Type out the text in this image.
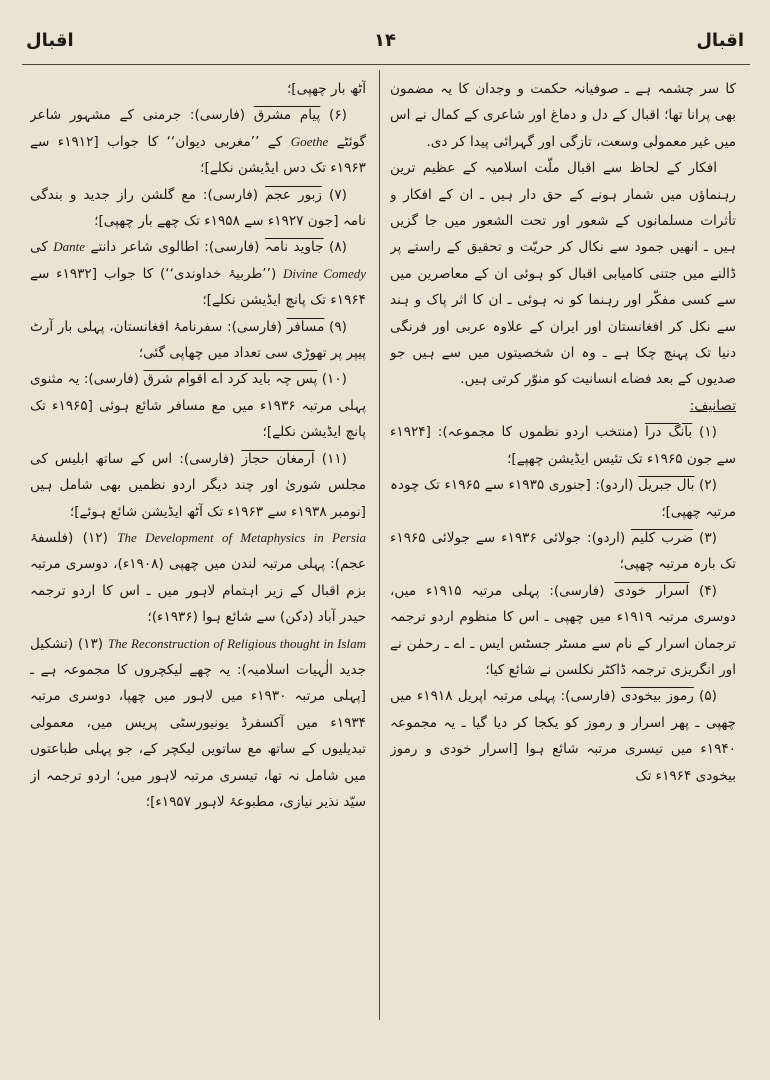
اقبال
۱۴
اقبال

کا سر چشمہ ہے ـ صوفیانہ حکمت و وجدان کا یہ مضمون بھی پرانا تھا؛ اقبال کے دل و دماغ اور شاعری کے کمال نے اس میں غیر معمولی وسعت، تازگی اور گہرائی پیدا کر دی.

افکار کے لحاظ سے اقبال ملّت اسلامیہ کے عظیم ترین رہنماؤں میں شمار ہونے کے حق دار ہیں ـ ان کے افکار و تأثرات مسلمانوں کے شعور اور تحت الشعور میں جا گزیں ہیں ـ انھیں جمود سے نکال کر حریّت و تحقیق کے راستے پر ڈالنے میں جتنی کامیابی اقبال کو ہوئی ان کے معاصرین میں سے کسی مفکّر اور رہنما کو نہ ہوئی ـ ان کا اثر پاک و ہند سے نکل کر افغانستان اور ایران کے علاوہ عربی اور فرنگی دنیا تک پہنچ چکا ہے ـ وہ ان شخصیتوں میں سے ہیں جو صدیوں کے بعد فضاے انسانیت کو منوّر کرتی ہیں.

تصانیف:

(۱) بانگ درا (منتخب اردو نظموں کا مجموعہ): [۱۹۲۴ء سے جون ۱۹۶۵ء تک تئیس ایڈیشن چھپے]؛

(۲) بال جبریل (اردو): [جنوری ۱۹۳۵ء سے ۱۹۶۵ء تک چودہ مرتبہ چھپی]؛

(۳) ضرب کلیم (اردو): جولائی ۱۹۳۶ء سے جولائی ۱۹۶۵ء تک بارہ مرتبہ چھپی؛

(۴) اسرار خودی (فارسی): پہلی مرتبہ ۱۹۱۵ء میں، دوسری مرتبہ ۱۹۱۹ء میں چھپی ـ اس کا منظوم اردو ترجمہ ترجمان اسرار کے نام سے مسٹر جسٹس ایس ـ اے ـ رحمٰن نے اور انگریزی ترجمہ ڈاکٹر نکلسن نے شائع کیا؛

(۵) رموز بیخودی (فارسی): پہلی مرتبہ اپریل ۱۹۱۸ء میں چھپی ـ پھر اسرار و رموز کو یکجا کر دیا گیا ـ یہ مجموعہ ۱۹۴۰ء میں تیسری مرتبہ شائع ہوا [اسرار خودی و رموز بیخودی ۱۹۶۴ء تک

آٹھ بار چھپی]؛

(۶) پیام مشرق (فارسی): جرمنی کے مشہور شاعر گوئٹے Goethe کے ’’مغربی دیوان‘‘ کا جواب [۱۹۱۲ء سے ۱۹۶۳ء تک دس ایڈیشن نکلے]؛

(۷) زبور عجم (فارسی): مع گلشن راز جدید و بندگی نامہ [جون ۱۹۲۷ء سے ۱۹۵۸ء تک چھے بار چھپی]؛

(۸) جاوید نامہ (فارسی): اطالوی شاعر دانتے Dante کی Divine Comedy (’’طربیۂ خداوندی‘‘) کا جواب [۱۹۳۲ء سے ۱۹۶۴ء تک پانچ ایڈیشن نکلے]؛

(۹) مسافر (فارسی): سفرنامۂ افغانستان، پہلی بار آرٹ پیپر پر تھوڑی سی تعداد میں چھاپی گئی؛

(۱۰) پس چہ باید کرد اے اقوام شرق (فارسی): یہ مثنوی پہلی مرتبہ ۱۹۳۶ء میں مع مسافر شائع ہوئی [۱۹۶۵ء تک پانچ ایڈیشن نکلے]؛

(۱۱) ارمغان حجاز (فارسی): اس کے ساتھ ابلیس کی مجلس شوریٰ اور چند دیگر اردو نظمیں بھی شامل ہیں [نومبر ۱۹۳۸ء سے ۱۹۶۳ء تک آٹھ ایڈیشن شائع ہوئے]؛

The Development of Metaphysics in Persia (۱۲) (فلسفۂ عجم): پہلی مرتبہ لندن میں چھپی (۱۹۰۸ء)، دوسری مرتبہ بزم اقبال کے زیر اہتمام لاہور میں ـ اس کا اردو ترجمہ حیدر آباد (دکن) سے شائع ہوا (۱۹۳۶ء)؛

The Reconstruction of Religious thought in Islam (۱۳) (تشکیل جدید الٰہیات اسلامیہ): یہ چھے لیکچروں کا مجموعہ ہے ـ [پہلی مرتبہ ۱۹۳۰ء میں لاہور میں چھپا، دوسری مرتبہ ۱۹۳۴ء میں آکسفرڈ یونیورسٹی پریس میں، معمولی تبدیلیوں کے ساتھ مع ساتویں لیکچر کے، جو پہلی طباعتوں میں شامل نہ تھا، تیسری مرتبہ لاہور میں؛ اردو ترجمہ از سیّد نذیر نیازی، مطبوعۂ لاہور ۱۹۵۷ء]؛
